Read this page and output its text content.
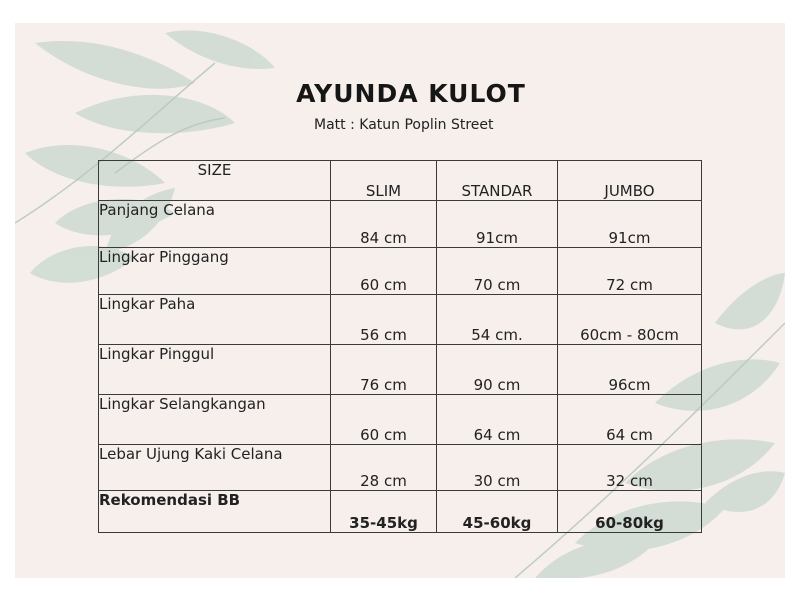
AYUNDA KULOT
Matt : Katun Poplin Street
SIZE	SLIM	STANDAR	JUMBO
Panjang Celana	84 cm	91cm	91cm
Lingkar Pinggang	60 cm	70 cm	72 cm
Lingkar Paha	56 cm	54 cm.	60cm - 80cm
Lingkar Pinggul	76 cm	90 cm	96cm
Lingkar Selangkangan	60 cm	64 cm	64 cm
Lebar Ujung Kaki Celana	28 cm	30 cm	32 cm
Rekomendasi BB	35-45kg	45-60kg	60-80kg
